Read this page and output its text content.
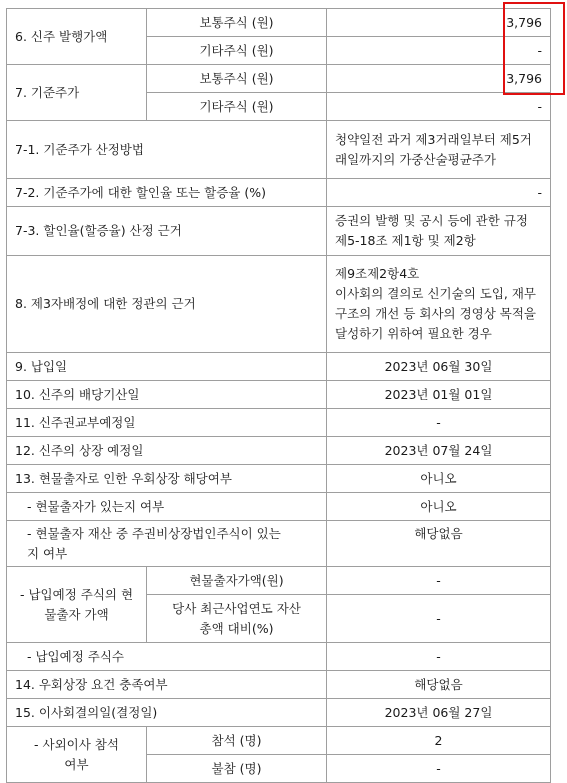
6. 신주 발행가액	보통주식 (원)	3,796
	기타주식 (원)	-
7. 기준주가	보통주식 (원)	3,796
	기타주식 (원)	-
7-1. 기준주가 산정방법		청약일전 과거 제3거래일부터 제5거래일까지의 가중산술평균주가
7-2. 기준주가에 대한 할인율 또는 할증율 (%)		-
7-3. 할인율(할증율) 산정 근거		증권의 발행 및 공시 등에 관한 규정 제5-18조 제1항 및 제2항
8. 제3자배정에 대한 정관의 근거		제9조제2항4호
이사회의 결의로 신기술의 도입, 재무구조의 개선 등 회사의 경영상 목적을 달성하기 위하여 필요한 경우

9. 납입일		2023년 06월 30일
10. 신주의 배당기산일		2023년 01월 01일
11. 신주권교부예정일		-
12. 신주의 상장 예정일		2023년 07월 24일
13. 현물출자로 인한 우회상장 해당여부		아니오
- 현물출자가 있는지 여부		아니오
- 현물출자 재산 중 주권비상장법인주식이 있는지 여부		해당없음
- 납입예정 주식의 현물출자 가액	현물출자가액(원)	-
	당사 최근사업연도 자산총액 대비(%)	-
- 납입예정 주식수		-
14. 우회상장 요건 충족여부		해당없음
15. 이사회결의일(결정일)		2023년 06월 27일
- 사외이사 참석여부	참석 (명)	2
	불참 (명)	-
